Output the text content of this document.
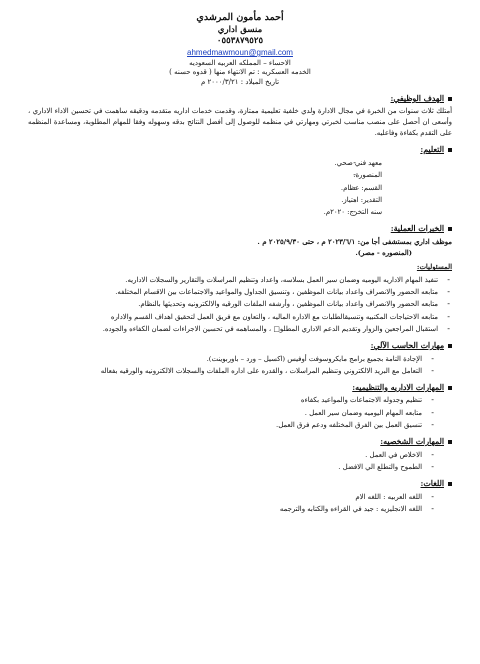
أحمد مأمون المرشدي
منسق اداري
٠٥٥٣٨٧٩٥٢٥
ahmedmawmoun@gmail.com
الاحساء – المملكه العربيه السعوديه
الخدمه العسكريه : تم الانتهاء منها ( قدوه حسنه )
تاريخ الميلاد : ٢٠٠٠/٣/٢١ م
الهدف الوظيفي:
أمتلك ثلاث سنوات من الخبرة في مجال الادارة ولدي خلفية تعليمية ممتازة، وقدمت خدمات اداريه متقدمه ودقيقه ساهمت في تحسين الاداء الاداري ، وأسعى ان أحصل على منصب مناسب لخبرتي ومهارتي في منظمه للوصول إلى أفضل النتائج بدقه وسهوله وفقا للمهام المطلوبة، ومساعدة المنظمه على التقدم بكفاءة وفاعليه.
التعليم:
- معهد فني صحي.
- المنصورة.
- القسم: عظام.
- التقدير: امتياز.
- سنه التخرج: ٢٠٢٠م.
الخبرات العملية:
موظف اداري بمستشفى أجا من: ٢٠٢٣/٦/١ م ، حتى ٢٠٢٥/٩/٣٠ م .
(المنصوره - مصر).
المسئوليات:
- تنفيذ المهام الاداريه اليوميه وضمان سير العمل بسلاسه، واعداد وتنظيم المراسلات والتقارير والسجلات الاداريه.
- متابعه الحضور والانصراف واعداد بيانات الموظفين ، وتنسيق الجداول والمواعيد والاجتماعات بين الاقسام المختلفه.
- متابعه الحضور والانصراف واعداد بيانات الموظفين ، وأرشفه الملفات الورقيه والالكترونيه وتحديثها بالنظام.
- متابعه الاحتياجات المكتبيه وتنسيقالطلبات مع الاداره الماليه ، والتعاون مع فريق العمل لتحقيق اهداف القسم والاداره
- استقبال المراجعين والزوار وتقديم الدعم الاداري المطلو□ ، والمساهمه في تحسين الاجراءات لضمان الكفاءه والجوده.
مهارات الحاسب الآلي:
- الإجادة التامة بجميع برامج مايكروسوفت أوفيس (اكسيل – ورد – باوربوينت).
- التعامل مع البريد الالكتروني وتنظيم المراسلات ، والقدره على اداره الملفات والسجلات الالكترونيه والورقيه بفعاله
المهارات الاداريه والتنظيميه:
- تنظيم وجدوله الاجتماعات والمواعيد بكفاءه
- متابعه المهام اليوميه وضمان سير العمل .
- تنسيق العمل بين الفرق المختلفه ودعم فرق العمل.
المهارات الشخصيه:
- الاخلاص في العمل .
- الطموح والتطلع الي الافضل .
اللغات:
- اللغه العربيه : اللغه الام
- اللغه الانجليزيه : جيد في القراءه والكتابه والترجمه
